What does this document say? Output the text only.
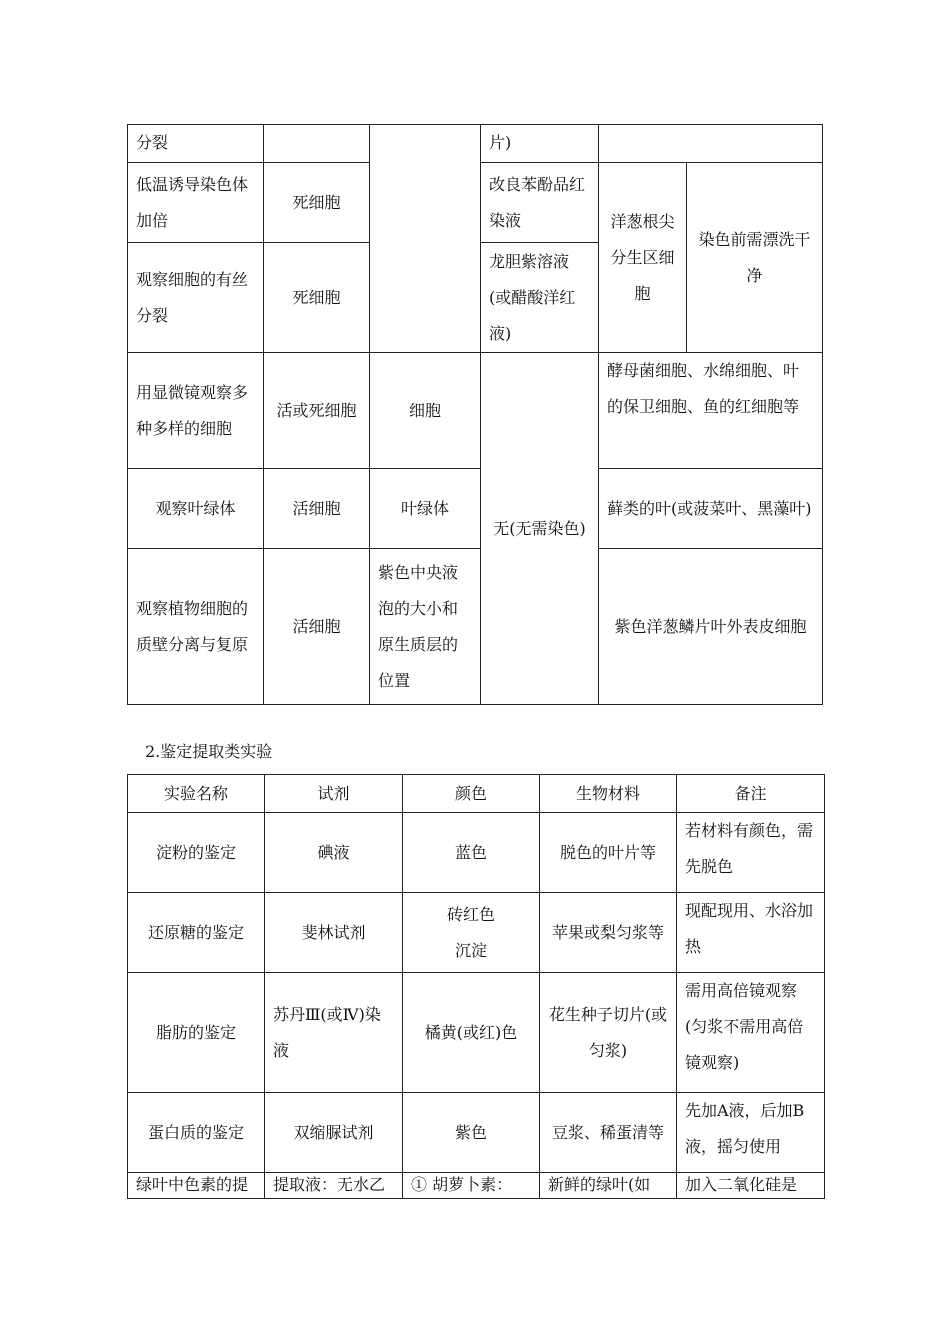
分裂			片)		
低温诱导染色体加倍	死细胞		改良苯酚品红染液	洋葱根尖分生区细胞	染色前需漂洗干净
观察细胞的有丝分裂	死细胞		龙胆紫溶液(或醋酸洋红液)		
用显微镜观察多种多样的细胞	活或死细胞	细胞	无(无需染色)	酵母菌细胞、水绵细胞、叶的保卫细胞、鱼的红细胞等	
观察叶绿体	活细胞	叶绿体		藓类的叶(或菠菜叶、黑藻叶)	
观察植物细胞的质壁分离与复原	活细胞	紫色中央液泡的大小和原生质层的位置		紫色洋葱鳞片叶外表皮细胞	
2.鉴定提取类实验
实验名称	试剂	颜色	生物材料	备注
淀粉的鉴定	碘液	蓝色	脱色的叶片等	若材料有颜色，需先脱色
还原糖的鉴定	斐林试剂	砖红色沉淀	苹果或梨匀浆等	现配现用、水浴加热
脂肪的鉴定	苏丹Ⅲ(或Ⅳ)染液	橘黄(或红)色	花生种子切片(或匀浆)	需用高倍镜观察(匀浆不需用高倍镜观察)
蛋白质的鉴定	双缩脲试剂	紫色	豆浆、稀蛋清等	先加A液，后加B液，摇匀使用
绿叶中色素的提	提取液：无水乙	① 胡萝卜素：	新鲜的绿叶(如	加入二氧化硅是
